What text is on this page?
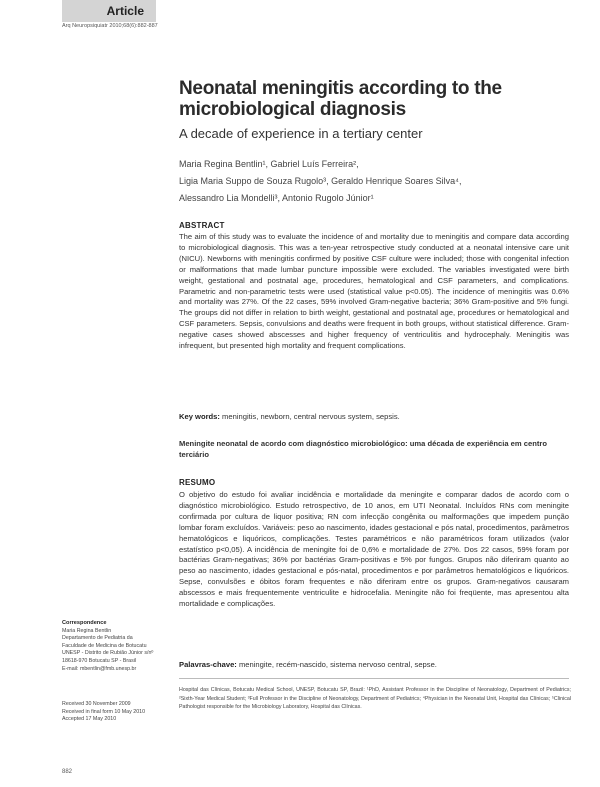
Article
Arq Neuropsiquiatr 2010;68(6):882-887
Neonatal meningitis according to the microbiological diagnosis
A decade of experience in a tertiary center
Maria Regina Bentlin¹, Gabriel Luís Ferreira²,
Ligia Maria Suppo de Souza Rugolo³, Geraldo Henrique Soares Silva⁴,
Alessandro Lia Mondelli³, Antonio Rugolo Júnior¹
ABSTRACT

The aim of this study was to evaluate the incidence of and mortality due to meningitis and compare data according to microbiological diagnosis. This was a ten-year retrospective study conducted at a neonatal intensive care unit (NICU). Newborns with meningitis confirmed by positive CSF culture were included; those with congenital infection or malformations that made lumbar puncture impossible were excluded. The variables investigated were birth weight, gestational and postnatal age, procedures, hematological and CSF parameters, and complications. Parametric and non-parametric tests were used (statistical value p<0.05). The incidence of meningitis was 0.6% and mortality was 27%. Of the 22 cases, 59% involved Gram-negative bacteria; 36% Gram-positive and 5% fungi. The groups did not differ in relation to birth weight, gestational and postnatal age, procedures or hematological and CSF parameters. Sepsis, convulsions and deaths were frequent in both groups, without statistical difference. Gram-negative cases showed abscesses and higher frequency of ventriculitis and hydrocephaly. Meningitis was infrequent, but presented high mortality and frequent complications.

Key words: meningitis, newborn, central nervous system, sepsis.
Meningite neonatal de acordo com diagnóstico microbiológico: uma década de experiência em centro terciário
RESUMO

O objetivo do estudo foi avaliar incidência e mortalidade da meningite e comparar dados de acordo com o diagnóstico microbiológico. Estudo retrospectivo, de 10 anos, em UTI Neonatal. Incluídos RNs com meningite confirmada por cultura de liquor positiva; RN com infecção congênita ou malformações que impedem punção lombar foram excluídos. Variáveis: peso ao nascimento, idades gestacional e pós natal, procedimentos, parâmetros hematológicos e liquóricos, complicações. Testes paramétricos e não paramétricos foram utilizados (valor estatístico p<0,05). A incidência de meningite foi de 0,6% e mortalidade de 27%. Dos 22 casos, 59% foram por bactérias Gram-negativas; 36% por bactérias Gram-positivas e 5% por fungos. Grupos não diferiram quanto ao peso ao nascimento, idades gestacional e pós-natal, procedimentos e por parâmetros hematológicos e liquóricos. Sepse, convulsões e óbitos foram frequentes e não diferiram entre os grupos. Gram-negativos causaram abscessos e mais frequentemente ventriculite e hidrocefalia. Meningite não foi freqüente, mas apresentou alta mortalidade e complicações.

Palavras-chave: meningite, recém-nascido, sistema nervoso central, sepse.

Hospital das Clínicas, Botucatu Medical School, UNESP, Botucatu SP, Brazil: ¹PhD, Assistant Professor in the Discipline of Neonatology, Department of Pediatrics; ²Sixth-Year Medical Student; ³Full Professor in the Discipline of Neonatology, Department of Pediatrics; ⁴Physician in the Neonatal Unit, Hospital das Clínicas; ⁵Clinical Pathologist responsible for the Microbiology Laboratory, Hospital das Clínicas.

Correspondence
Maria Regina Bentlin
Departamento de Pediatria da
Faculdade de Medicina de Botucatu
UNESP - Distrito de Rubião Júnior s/nº
18618-970 Botucatu SP - Brasil
E-mail: mbentlin@fmb.unesp.br
Received 30 November 2009
Received in final form 10 May 2010
Accepted 17 May 2010
882
